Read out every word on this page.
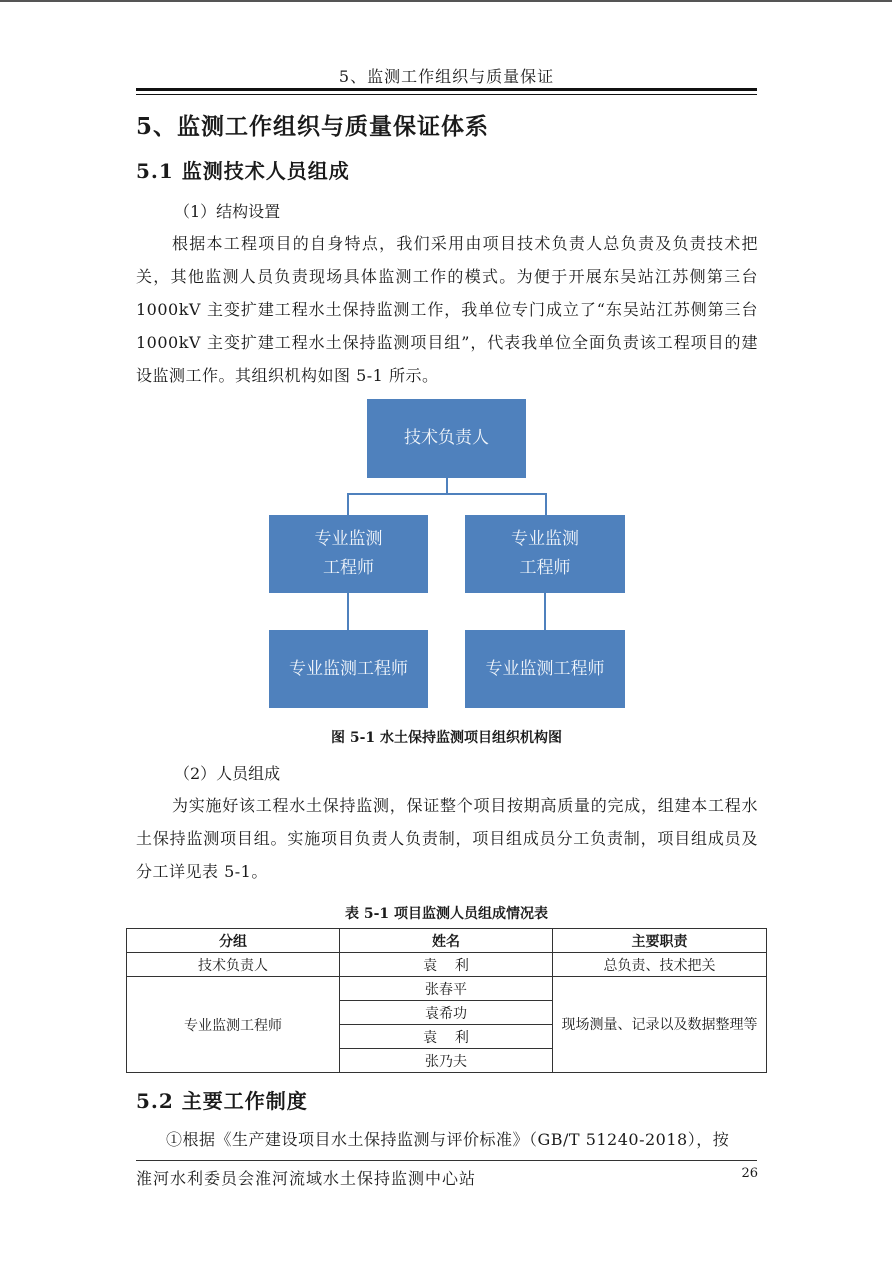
5、监测工作组织与质量保证
5、监测工作组织与质量保证体系
5.1 监测技术人员组成
（1）结构设置
根据本工程项目的自身特点，我们采用由项目技术负责人总负责及负责技术把关，其他监测人员负责现场具体监测工作的模式。为便于开展东吴站江苏侧第三台 1000kV 主变扩建工程水土保持监测工作，我单位专门成立了“东吴站江苏侧第三台 1000kV 主变扩建工程水土保持监测项目组”，代表我单位全面负责该工程项目的建设监测工作。其组织机构如图 5-1 所示。
技术负责人
专业监测
工程师
专业监测
工程师
专业监测工程师	专业监测工程师
图 5-1 水土保持监测项目组织机构图
（2）人员组成
为实施好该工程水土保持监测，保证整个项目按期高质量的完成，组建本工程水土保持监测项目组。实施项目负责人负责制，项目组成员分工负责制，项目组成员及分工详见表 5-1。
表 5-1 项目监测人员组成情况表
分组	姓名	主要职责
技术负责人	袁    利	总负责、技术把关
专业监测工程师	张春平	现场测量、记录以及数据整理等
	袁希功	
	袁    利	
	张乃夫	
5.2 主要工作制度
①根据《生产建设项目水土保持监测与评价标准》（GB/T 51240-2018），按
淮河水利委员会淮河流域水土保持监测中心站	26
